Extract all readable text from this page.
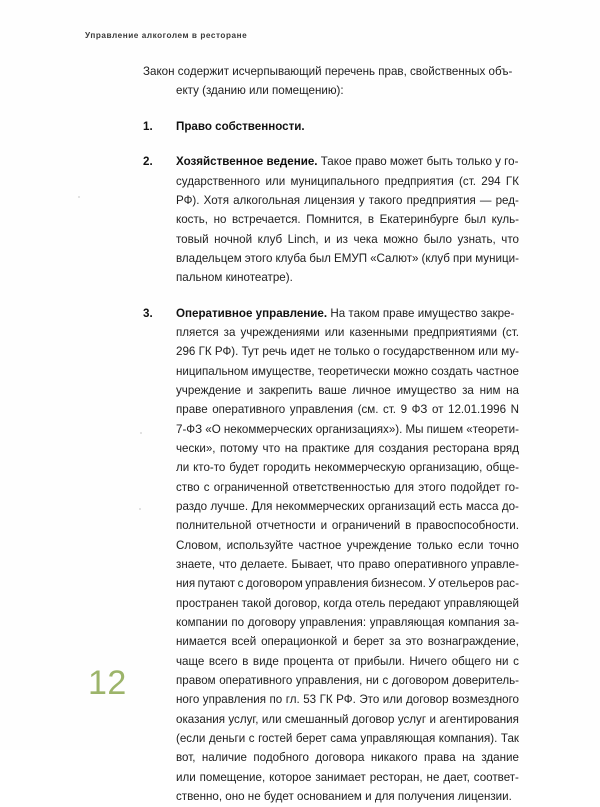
Управление алкоголем в ресторане
Закон содержит исчерпывающий перечень прав, свойственных объ- екту (зданию или помещению):
1. Право собственности.
2. Хозяйственное ведение. Такое право может быть только у го-
сударственного или муниципального предприятия (ст. 294 ГК
РФ). Хотя алкогольная лицензия у такого предприятия — ред-
кость, но встречается. Помнится, в Екатеринбурге был куль-
товый ночной клуб Linch, и из чека можно было узнать, что
владельцем этого клуба был ЕМУП «Салют» (клуб при муници-
пальном кинотеатре).
3. Оперативное управление. На таком праве имущество закре-
пляется за учреждениями или казенными предприятиями (ст.
296 ГК РФ). Тут речь идет не только о государственном или му-
ниципальном имуществе, теоретически можно создать частное
учреждение и закрепить ваше личное имущество за ним на
праве оперативного управления (см. ст. 9 ФЗ от 12.01.1996 N
7-ФЗ «О некоммерческих организациях»). Мы пишем «теорети-
чески», потому что на практике для создания ресторана вряд
ли кто-то будет городить некоммерческую организацию, обще-
ство с ограниченной ответственностью для этого подойдет го-
раздо лучше. Для некоммерческих организаций есть масса до-
полнительной отчетности и ограничений в правоспособности.
Словом, используйте частное учреждение только если точно
знаете, что делаете. Бывает, что право оперативного управле-
ния путают с договором управления бизнесом. У отельеров рас-
пространен такой договор, когда отель передают управляющей
компании по договору управления: управляющая компания за-
нимается всей операционкой и берет за это вознаграждение,
чаще всего в виде процента от прибыли. Ничего общего ни с
правом оперативного управления, ни с договором доверитель-
ного управления по гл. 53 ГК РФ. Это или договор возмездного
оказания услуг, или смешанный договор услуг и агентирования
(если деньги с гостей берет сама управляющая компания). Так
вот, наличие подобного договора никакого права на здание
или помещение, которое занимает ресторан, не дает, соответ-
ственно, оно не будет основанием и для получения лицензии.
12
